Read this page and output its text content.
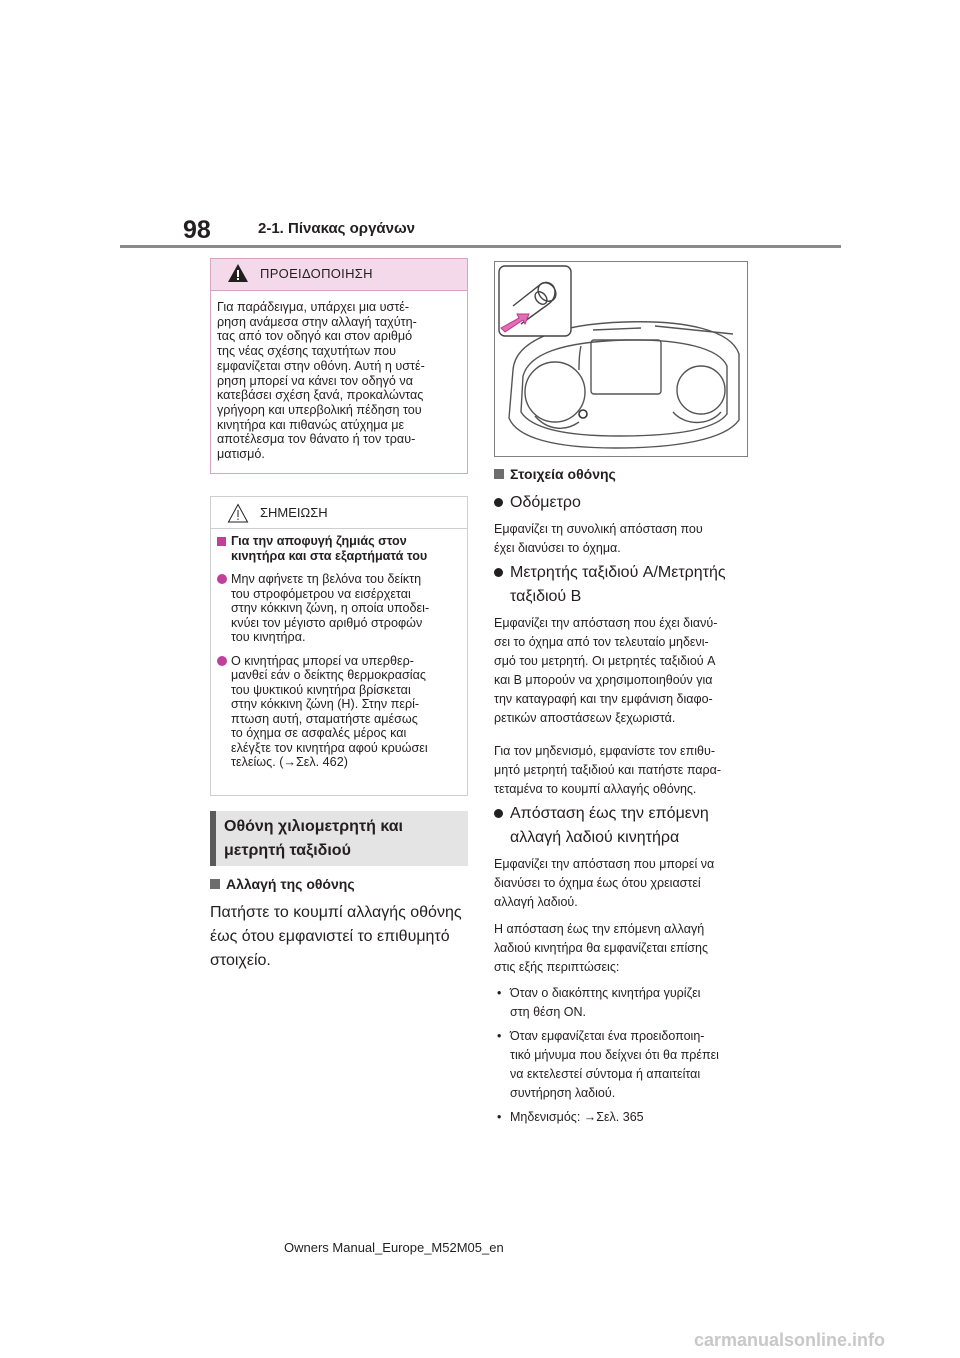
98	2-1. Πίνακας οργάνων
ΠΡΟΕΙΔΟΠΟΙΗΣΗ
Για παράδειγμα, υπάρχει μια υστέ-
ρηση ανάμεσα στην αλλαγή ταχύτη-
τας από τον οδηγό και στον αριθμό
της νέας σχέσης ταχυτήτων που
εμφανίζεται στην οθόνη. Αυτή η υστέ-
ρηση μπορεί να κάνει τον οδηγό να
κατεβάσει σχέση ξανά, προκαλώντας
γρήγορη και υπερβολική πέδηση του
κινητήρα και πιθανώς ατύχημα με
αποτέλεσμα τον θάνατο ή τον τραυ-
ματισμό.
ΣΗΜΕΙΩΣΗ
Για την αποφυγή ζημιάς στον
κινητήρα και στα εξαρτήματά του
Μην αφήνετε τη βελόνα του δείκτη
του στροφόμετρου να εισέρχεται
στην κόκκινη ζώνη, η οποία υποδει-
κνύει τον μέγιστο αριθμό στροφών
του κινητήρα.
Ο κινητήρας μπορεί να υπερθερ-
μανθεί εάν ο δείκτης θερμοκρασίας
του ψυκτικού κινητήρα βρίσκεται
στην κόκκινη ζώνη (H). Στην περί-
πτωση αυτή, σταματήστε αμέσως
το όχημα σε ασφαλές μέρος και
ελέγξτε τον κινητήρα αφού κρυώσει
τελείως. (→Σελ. 462)
Οθόνη χιλιομετρητή και
μετρητή ταξιδιού
Αλλαγή της οθόνης
Πατήστε το κουμπί αλλαγής οθόνης
έως ότου εμφανιστεί το επιθυμητό
στοιχείο.
Στοιχεία οθόνης
Οδόμετρο
Εμφανίζει τη συνολική απόσταση που
έχει διανύσει το όχημα.
Μετρητής ταξιδιού A/Μετρητής
ταξιδιού B
Εμφανίζει την απόσταση που έχει διανύ-
σει το όχημα από τον τελευταίο μηδενι-
σμό του μετρητή. Οι μετρητές ταξιδιού A
και B μπορούν να χρησιμοποιηθούν για
την καταγραφή και την εμφάνιση διαφο-
ρετικών αποστάσεων ξεχωριστά.
Για τον μηδενισμό, εμφανίστε τον επιθυ-
μητό μετρητή ταξιδιού και πατήστε παρα-
τεταμένα το κουμπί αλλαγής οθόνης.
Απόσταση έως την επόμενη
αλλαγή λαδιού κινητήρα
Εμφανίζει την απόσταση που μπορεί να
διανύσει το όχημα έως ότου χρειαστεί
αλλαγή λαδιού.
Η απόσταση έως την επόμενη αλλαγή
λαδιού κινητήρα θα εμφανίζεται επίσης
στις εξής περιπτώσεις:
• Όταν ο διακόπτης κινητήρα γυρίζει
στη θέση ON.
• Όταν εμφανίζεται ένα προειδοποιη-
τικό μήνυμα που δείχνει ότι θα πρέπει
να εκτελεστεί σύντομα ή απαιτείται
συντήρηση λαδιού.
• Μηδενισμός: →Σελ. 365
Owners Manual_Europe_M52M05_en
carmanualsonline.info
